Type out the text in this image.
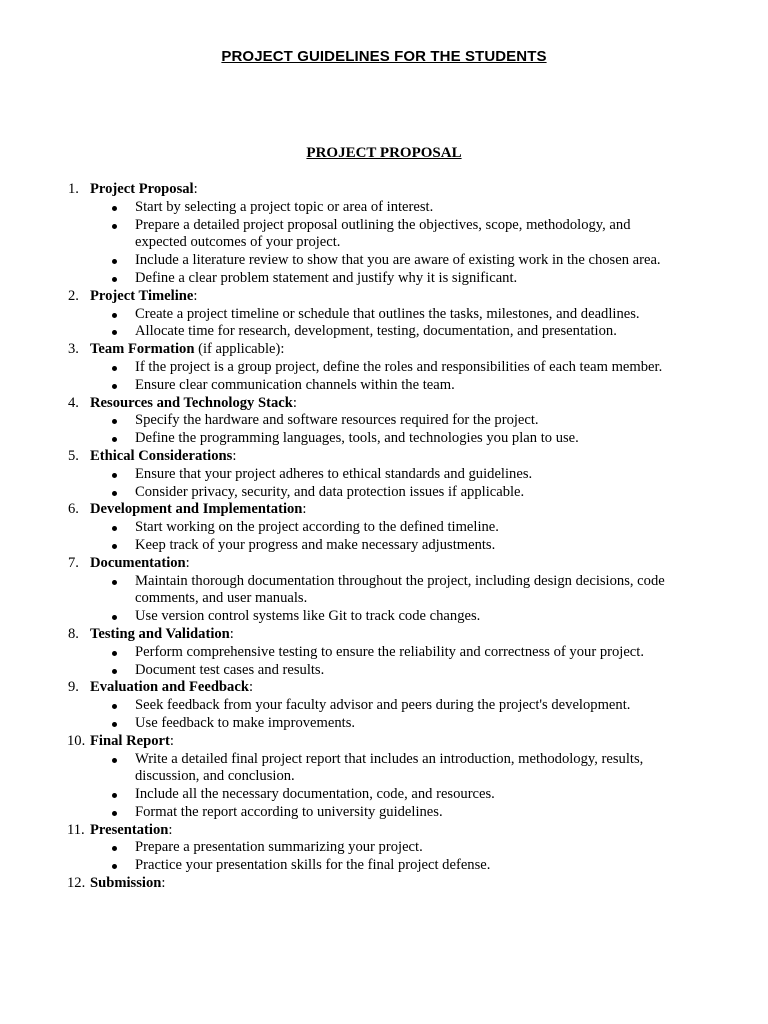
PROJECT GUIDELINES FOR THE STUDENTS
PROJECT PROPOSAL
1. Project Proposal:
Start by selecting a project topic or area of interest.
Prepare a detailed project proposal outlining the objectives, scope, methodology, and expected outcomes of your project.
Include a literature review to show that you are aware of existing work in the chosen area.
Define a clear problem statement and justify why it is significant.
2. Project Timeline:
Create a project timeline or schedule that outlines the tasks, milestones, and deadlines.
Allocate time for research, development, testing, documentation, and presentation.
3. Team Formation (if applicable):
If the project is a group project, define the roles and responsibilities of each team member.
Ensure clear communication channels within the team.
4. Resources and Technology Stack:
Specify the hardware and software resources required for the project.
Define the programming languages, tools, and technologies you plan to use.
5. Ethical Considerations:
Ensure that your project adheres to ethical standards and guidelines.
Consider privacy, security, and data protection issues if applicable.
6. Development and Implementation:
Start working on the project according to the defined timeline.
Keep track of your progress and make necessary adjustments.
7. Documentation:
Maintain thorough documentation throughout the project, including design decisions, code comments, and user manuals.
Use version control systems like Git to track code changes.
8. Testing and Validation:
Perform comprehensive testing to ensure the reliability and correctness of your project.
Document test cases and results.
9. Evaluation and Feedback:
Seek feedback from your faculty advisor and peers during the project's development.
Use feedback to make improvements.
10. Final Report:
Write a detailed final project report that includes an introduction, methodology, results, discussion, and conclusion.
Include all the necessary documentation, code, and resources.
Format the report according to university guidelines.
11. Presentation:
Prepare a presentation summarizing your project.
Practice your presentation skills for the final project defense.
12. Submission:
